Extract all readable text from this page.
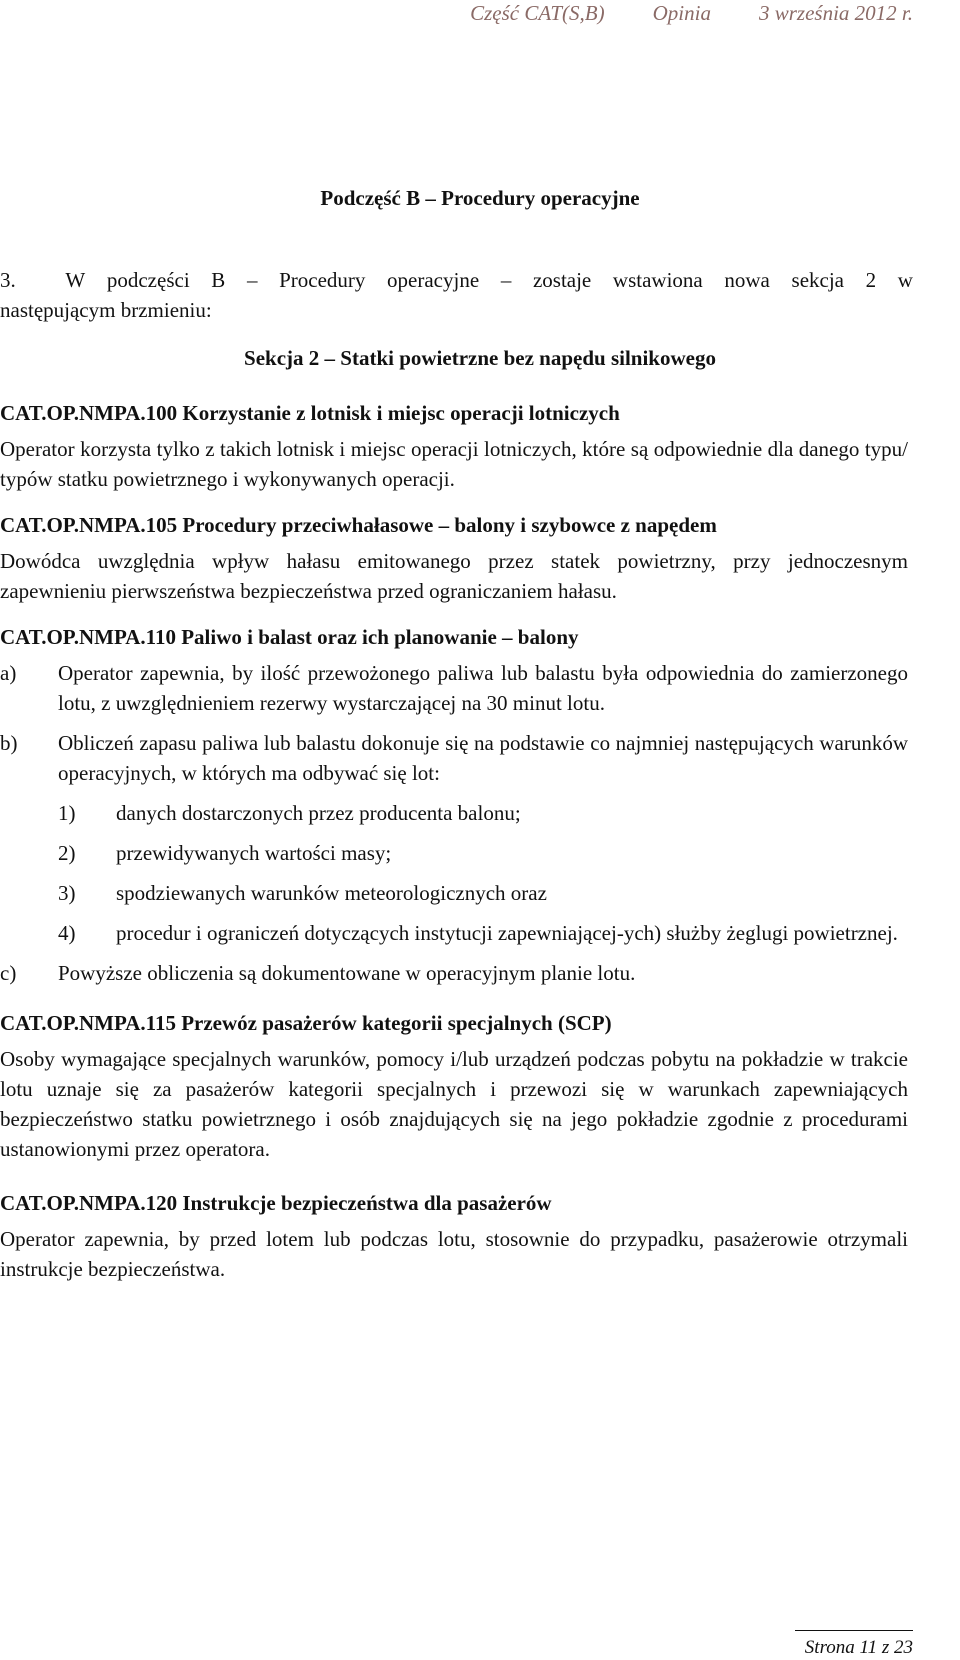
Część CAT(S,B) Opinia 3 września 2012 r.
Podczęść B – Procedury operacyjne
3. W podczęści B – Procedury operacyjne – zostaje wstawiona nowa sekcja 2 w
następującym brzmieniu:
Sekcja 2 – Statki powietrzne bez napędu silnikowego
CAT.OP.NMPA.100 Korzystanie z lotnisk i miejsc operacji lotniczych

Operator korzysta tylko z takich lotnisk i miejsc operacji lotniczych, które są odpowiednie dla danego typu/ typów statku powietrznego i wykonywanych operacji.

CAT.OP.NMPA.105 Procedury przeciwhałasowe – balony i szybowce z napędem

Dowódca uwzględnia wpływ hałasu emitowanego przez statek powietrzny, przy jednoczesnym zapewnieniu pierwszeństwa bezpieczeństwa przed ograniczaniem hałasu.

CAT.OP.NMPA.110 Paliwo i balast oraz ich planowanie – balony
a)	Operator zapewnia, by ilość przewożonego paliwa lub balastu była odpowiednia do zamierzonego lotu, z uwzględnieniem rezerwy wystarczającej na 30 minut lotu.
b)	Obliczeń zapasu paliwa lub balastu dokonuje się na podstawie co najmniej następujących warunków operacyjnych, w których ma odbywać się lot:
1)	danych dostarczonych przez producenta balonu;
2)	przewidywanych wartości masy;
3)	spodziewanych warunków meteorologicznych oraz
4)	procedur i ograniczeń dotyczących instytucji zapewniającej-ych) służby żeglugi powietrznej.
c)	Powyższe obliczenia są dokumentowane w operacyjnym planie lotu.
CAT.OP.NMPA.115 Przewóz pasażerów kategorii specjalnych (SCP)

Osoby wymagające specjalnych warunków, pomocy i/lub urządzeń podczas pobytu na pokładzie w trakcie lotu uznaje się za pasażerów kategorii specjalnych i przewozi się w warunkach zapewniających bezpieczeństwo statku powietrznego i osób znajdujących się na jego pokładzie zgodnie z procedurami ustanowionymi przez operatora.

CAT.OP.NMPA.120 Instrukcje bezpieczeństwa dla pasażerów

Operator zapewnia, by przed lotem lub podczas lotu, stosownie do przypadku, pasażerowie otrzymali instrukcje bezpieczeństwa.

Strona 11 z 23
